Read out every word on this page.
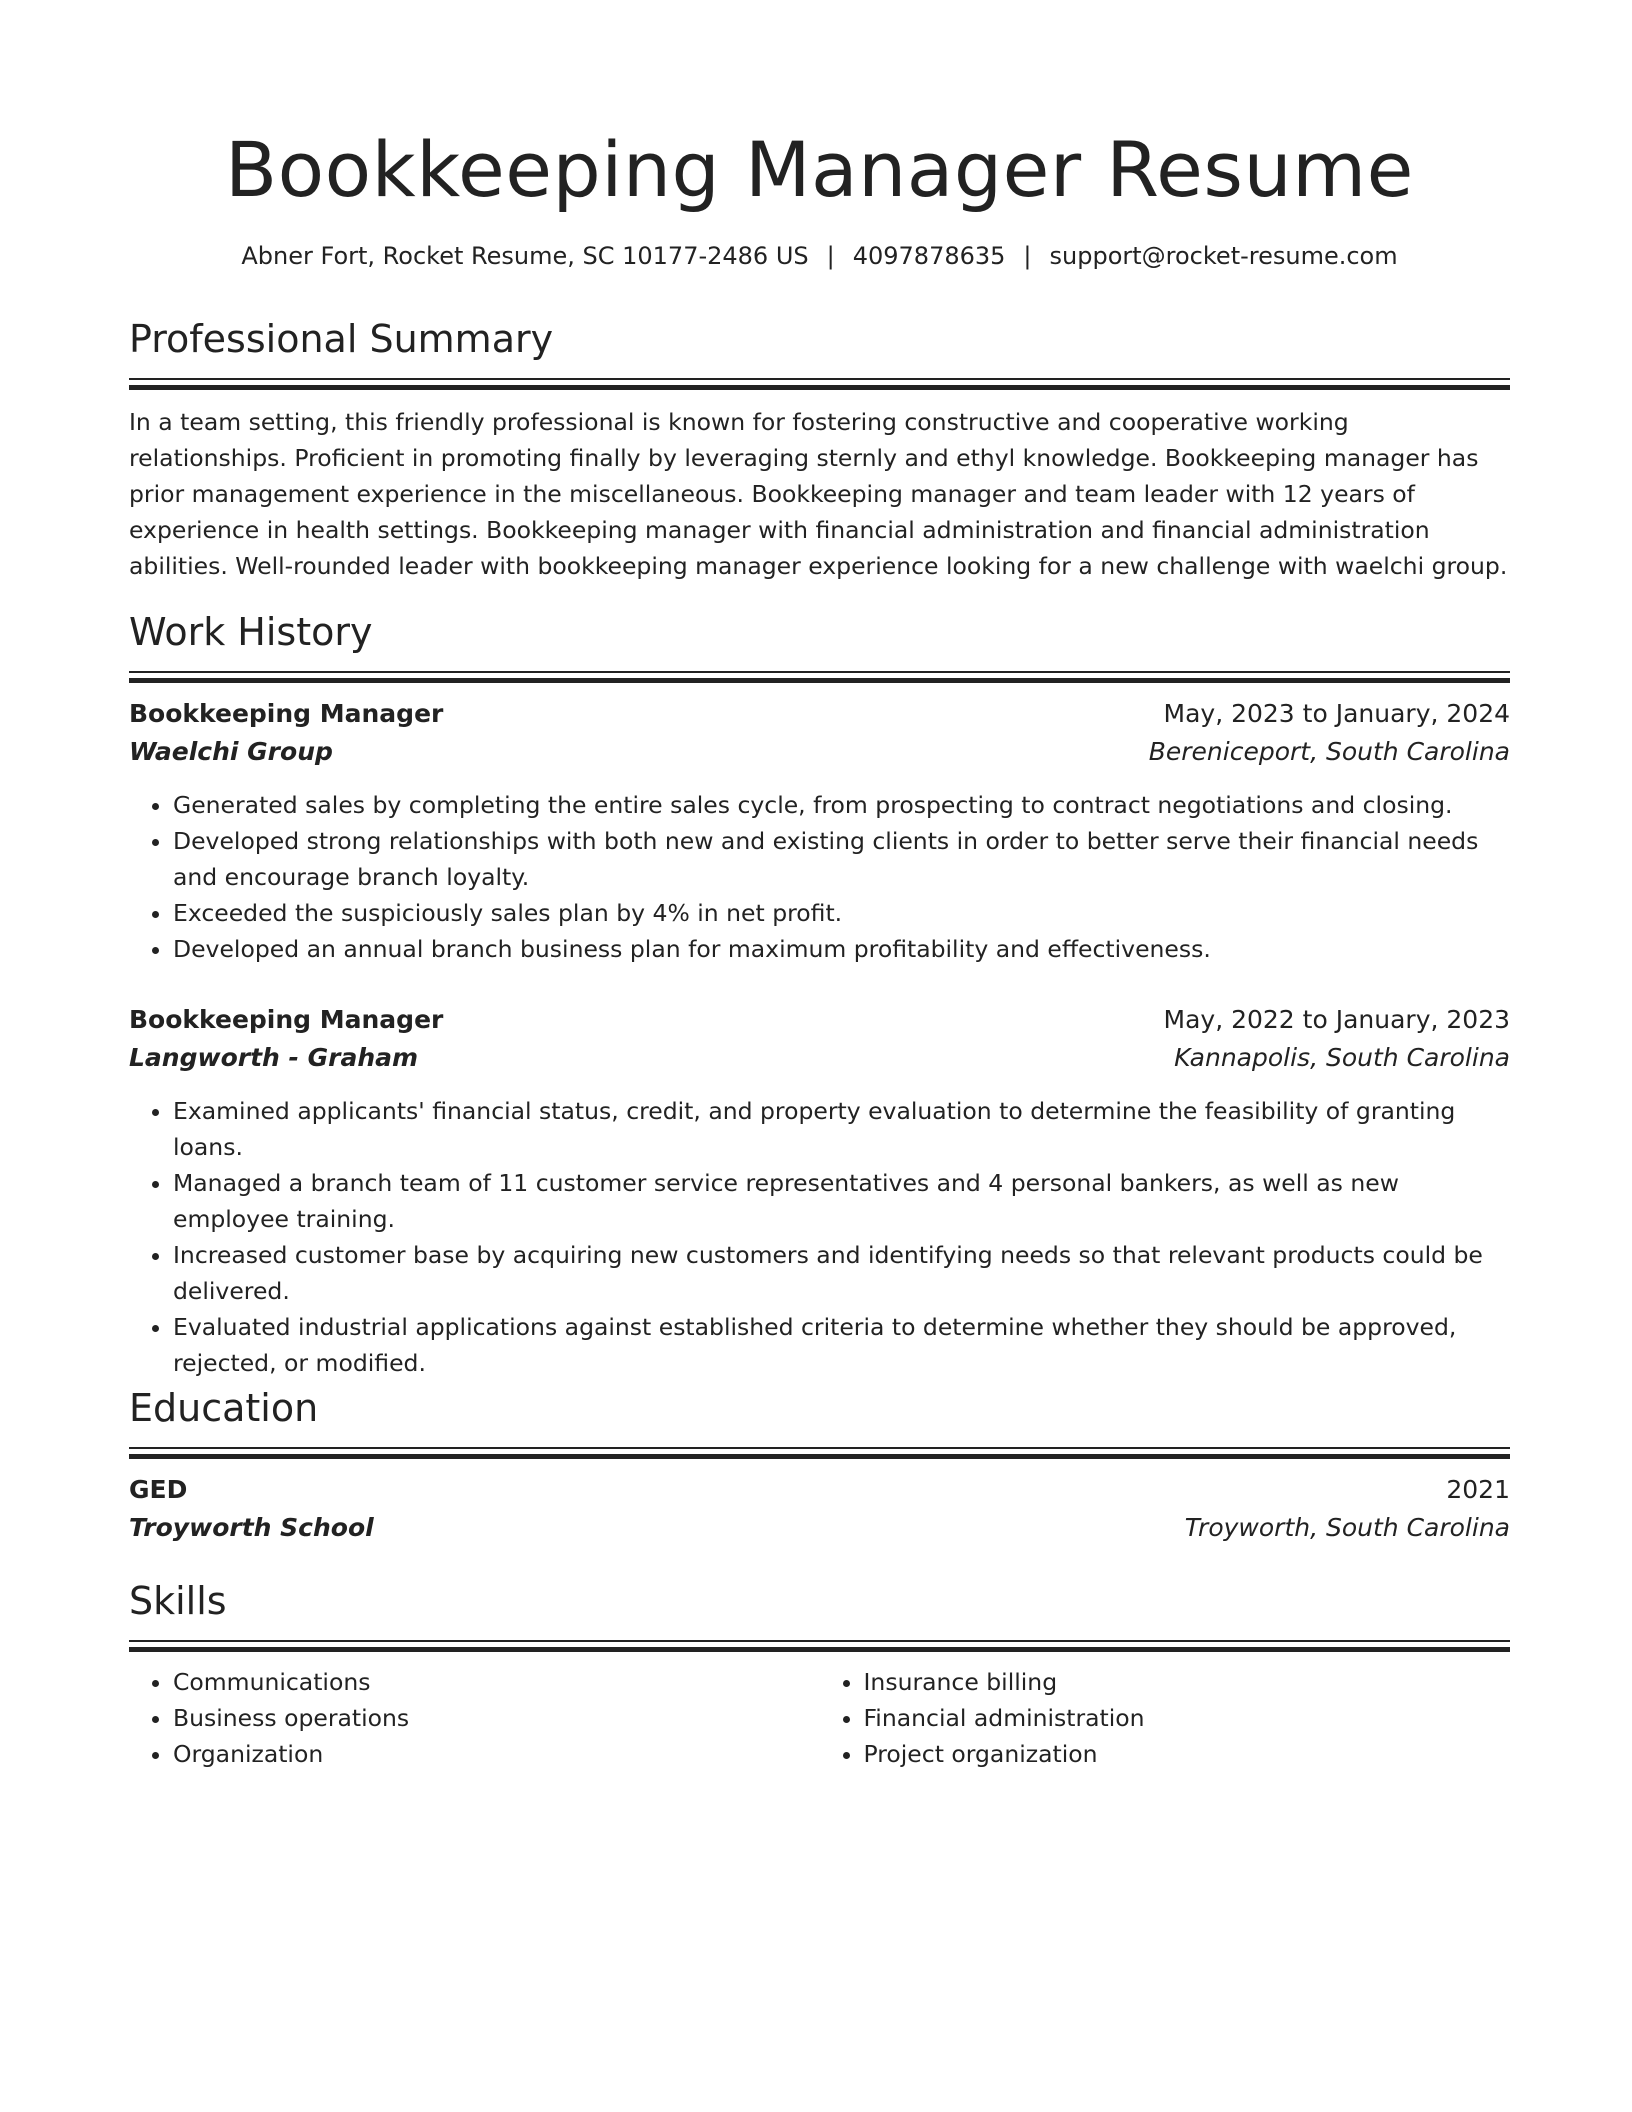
Bookkeeping Manager Resume
Abner Fort, Rocket Resume, SC 10177-2486 US | 4097878635 | support@rocket-resume.com
Professional Summary

In a team setting, this friendly professional is known for fostering constructive and cooperative working relationships. Proficient in promoting finally by leveraging sternly and ethyl knowledge. Bookkeeping manager has prior management experience in the miscellaneous. Bookkeeping manager and team leader with 12 years of experience in health settings. Bookkeeping manager with financial administration and financial administration abilities. Well-rounded leader with bookkeeping manager experience looking for a new challenge with waelchi group.

Work History
Bookkeeping Manager	May, 2023 to January, 2024
Waelchi Group	Bereniceport, South Carolina
• Generated sales by completing the entire sales cycle, from prospecting to contract negotiations and closing.
• Developed strong relationships with both new and existing clients in order to better serve their financial needs and encourage branch loyalty.
• Exceeded the suspiciously sales plan by 4% in net profit.
• Developed an annual branch business plan for maximum profitability and effectiveness.
Bookkeeping Manager	May, 2022 to January, 2023
Langworth - Graham	Kannapolis, South Carolina
• Examined applicants' financial status, credit, and property evaluation to determine the feasibility of granting loans.
• Managed a branch team of 11 customer service representatives and 4 personal bankers, as well as new employee training.
• Increased customer base by acquiring new customers and identifying needs so that relevant products could be delivered.
• Evaluated industrial applications against established criteria to determine whether they should be approved, rejected, or modified.
Education
GED	2021
Troyworth School	Troyworth, South Carolina
Skills
• Communications
• Business operations
• Organization
• Insurance billing
• Financial administration
• Project organization
